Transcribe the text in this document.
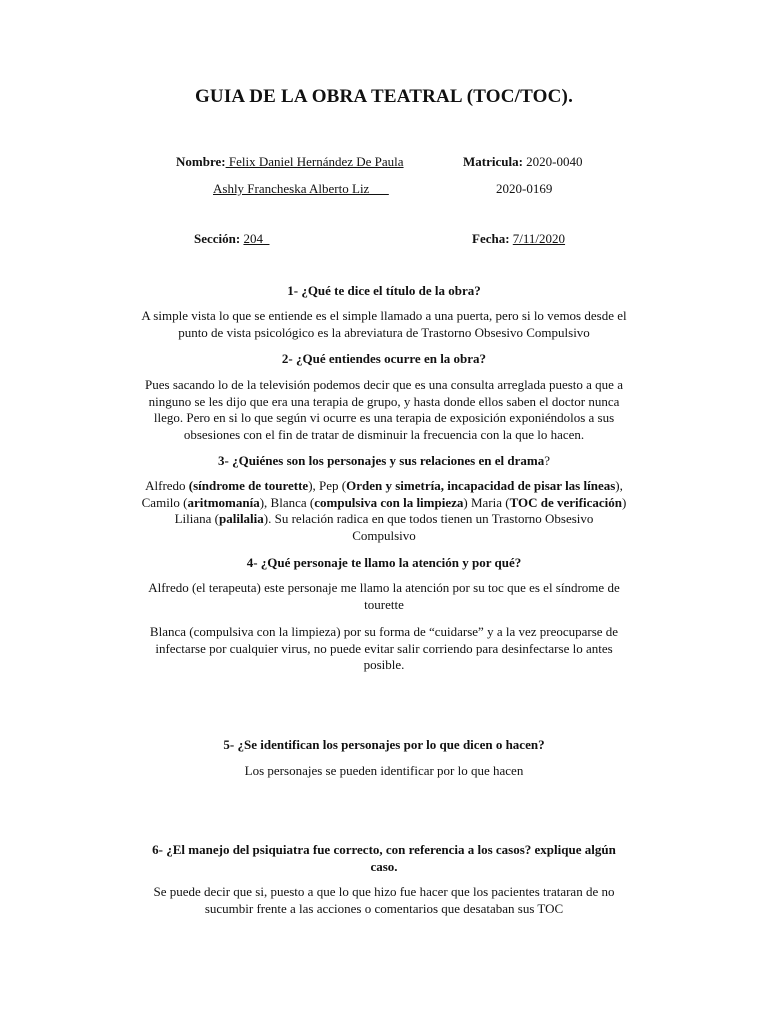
GUIA DE LA OBRA TEATRAL (TOC/TOC).
Nombre: Felix Daniel Hernández De Paula	Matricula: 2020-0040
Ashly Francheska Alberto Liz	2020-0169
Sección: 204	Fecha: 7/11/2020
1- ¿Qué te dice el título de la obra?
A simple vista lo que se entiende es el simple llamado a una puerta, pero si lo vemos desde el
punto de vista psicológico es la abreviatura de Trastorno Obsesivo Compulsivo
2- ¿Qué entiendes ocurre en la obra?
Pues sacando lo de la televisión podemos decir que es una consulta arreglada puesto a que a
ninguno se les dijo que era una terapia de grupo, y hasta donde ellos saben el doctor nunca
llego. Pero en si lo que según vi ocurre es una terapia de exposición exponiéndolos a sus
obsesiones con el fin de tratar de disminuir la frecuencia con la que lo hacen.
3- ¿Quiénes son los personajes y sus relaciones en el drama?
Alfredo (síndrome de tourette), Pep (Orden y simetría, incapacidad de pisar las líneas),
Camilo (aritmomanía), Blanca (compulsiva con la limpieza) Maria (TOC de verificación)
Liliana (palilalia). Su relación radica en que todos tienen un Trastorno Obsesivo
Compulsivo
4- ¿Qué personaje te llamo la atención y por qué?
Alfredo (el terapeuta) este personaje me llamo la atención por su toc que es el síndrome de
tourette
Blanca (compulsiva con la limpieza) por su forma de “cuidarse” y a la vez preocuparse de
infectarse por cualquier virus, no puede evitar salir corriendo para desinfectarse lo antes
posible.
5- ¿Se identifican los personajes por lo que dicen o hacen?
Los personajes se pueden identificar por lo que hacen
6- ¿El manejo del psiquiatra fue correcto, con referencia a los casos? explique algún
caso.
Se puede decir que si, puesto a que lo que hizo fue hacer que los pacientes trataran de no
sucumbir frente a las acciones o comentarios que desataban sus TOC
